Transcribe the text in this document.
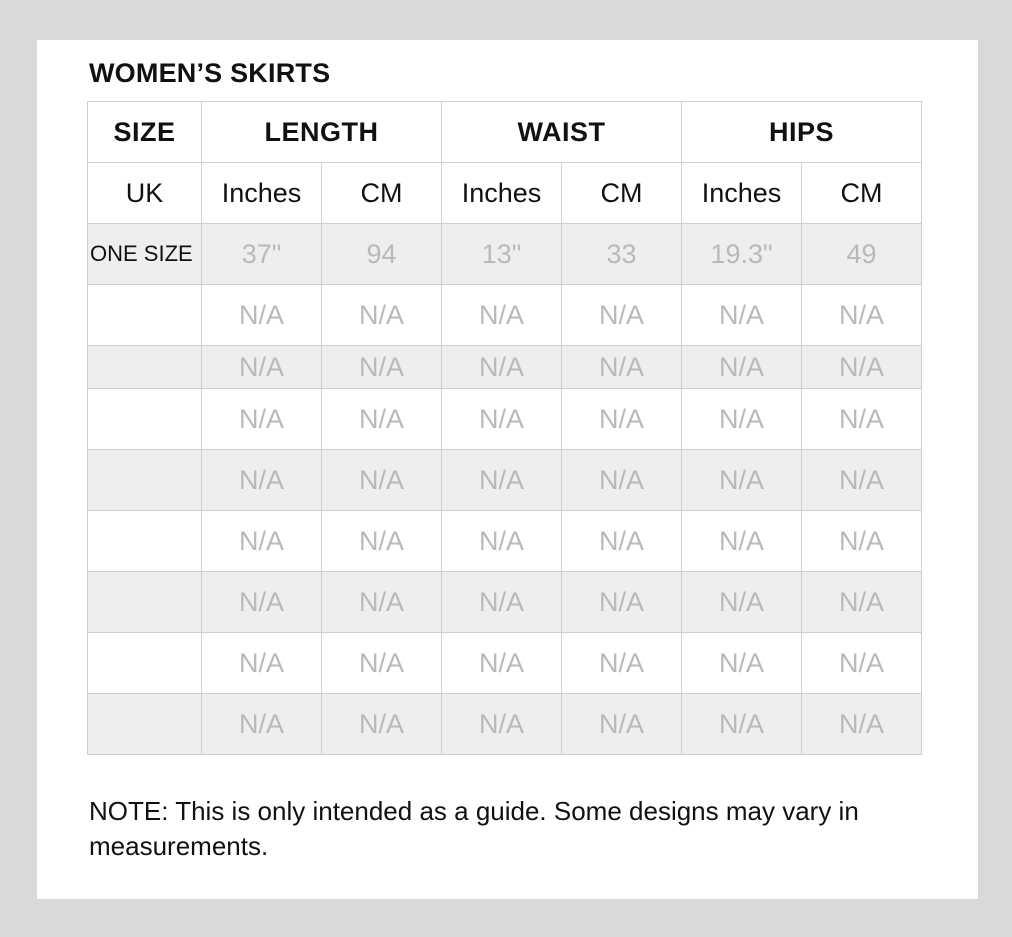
WOMEN’S SKIRTS
SIZE	LENGTH		WAIST		HIPS	
UK	Inches	CM	Inches	CM	Inches	CM
ONE SIZE	37"	94	13"	33	19.3"	49
	N/A	N/A	N/A	N/A	N/A	N/A
	N/A	N/A	N/A	N/A	N/A	N/A
	N/A	N/A	N/A	N/A	N/A	N/A
	N/A	N/A	N/A	N/A	N/A	N/A
	N/A	N/A	N/A	N/A	N/A	N/A
	N/A	N/A	N/A	N/A	N/A	N/A
	N/A	N/A	N/A	N/A	N/A	N/A
	N/A	N/A	N/A	N/A	N/A	N/A

NOTE: This is only intended as a guide. Some designs may vary in measurements.
